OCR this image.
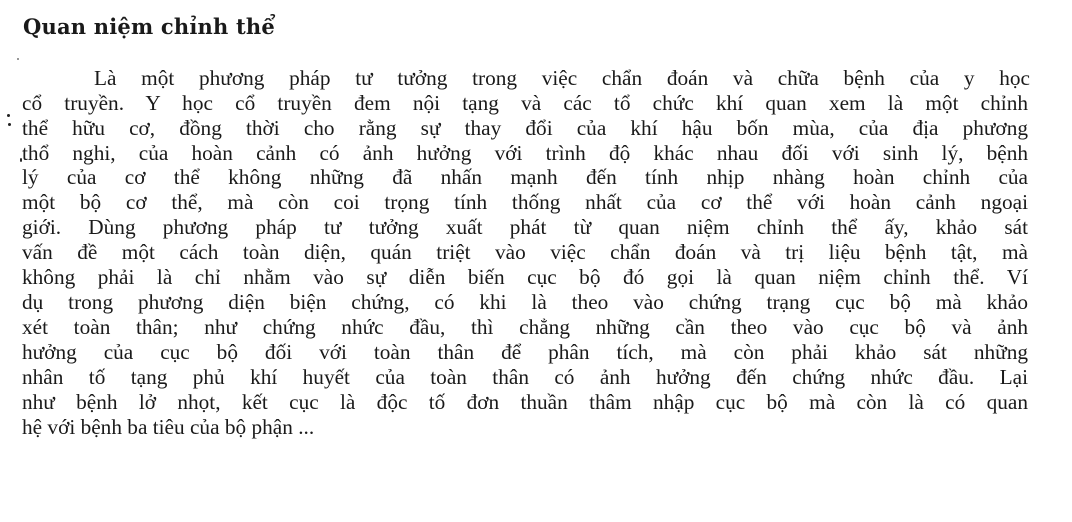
Quan niệm chỉnh thể
Là một phương pháp tư tưởng trong việc chẩn đoán và chữa bệnh của y học
cổ truyền. Y học cổ truyền đem nội tạng và các tổ chức khí quan xem là một chỉnh
thể hữu cơ, đồng thời cho rằng sự thay đổi của khí hậu bốn mùa, của địa phương
thổ nghi, của hoàn cảnh có ảnh hưởng với trình độ khác nhau đối với sinh lý, bệnh
lý của cơ thể không những đã nhấn mạnh đến tính nhịp nhàng hoàn chỉnh của
một bộ cơ thể, mà còn coi trọng tính thống nhất của cơ thể với hoàn cảnh ngoại
giới. Dùng phương pháp tư tưởng xuất phát từ quan niệm chỉnh thể ấy, khảo sát
vấn đề một cách toàn diện, quán triệt vào việc chẩn đoán và trị liệu bệnh tật, mà
không phải là chỉ nhằm vào sự diễn biến cục bộ đó gọi là quan niệm chỉnh thể. Ví
dụ trong phương diện biện chứng, có khi là theo vào chứng trạng cục bộ mà khảo
xét toàn thân; như chứng nhức đầu, thì chẳng những cần theo vào cục bộ và ảnh
hưởng của cục bộ đối với toàn thân để phân tích, mà còn phải khảo sát những
nhân tố tạng phủ khí huyết của toàn thân có ảnh hưởng đến chứng nhức đầu. Lại
như bệnh lở nhọt, kết cục là độc tố đơn thuần thâm nhập cục bộ mà còn là có quan
hệ với bệnh ba tiêu của bộ phận ...
